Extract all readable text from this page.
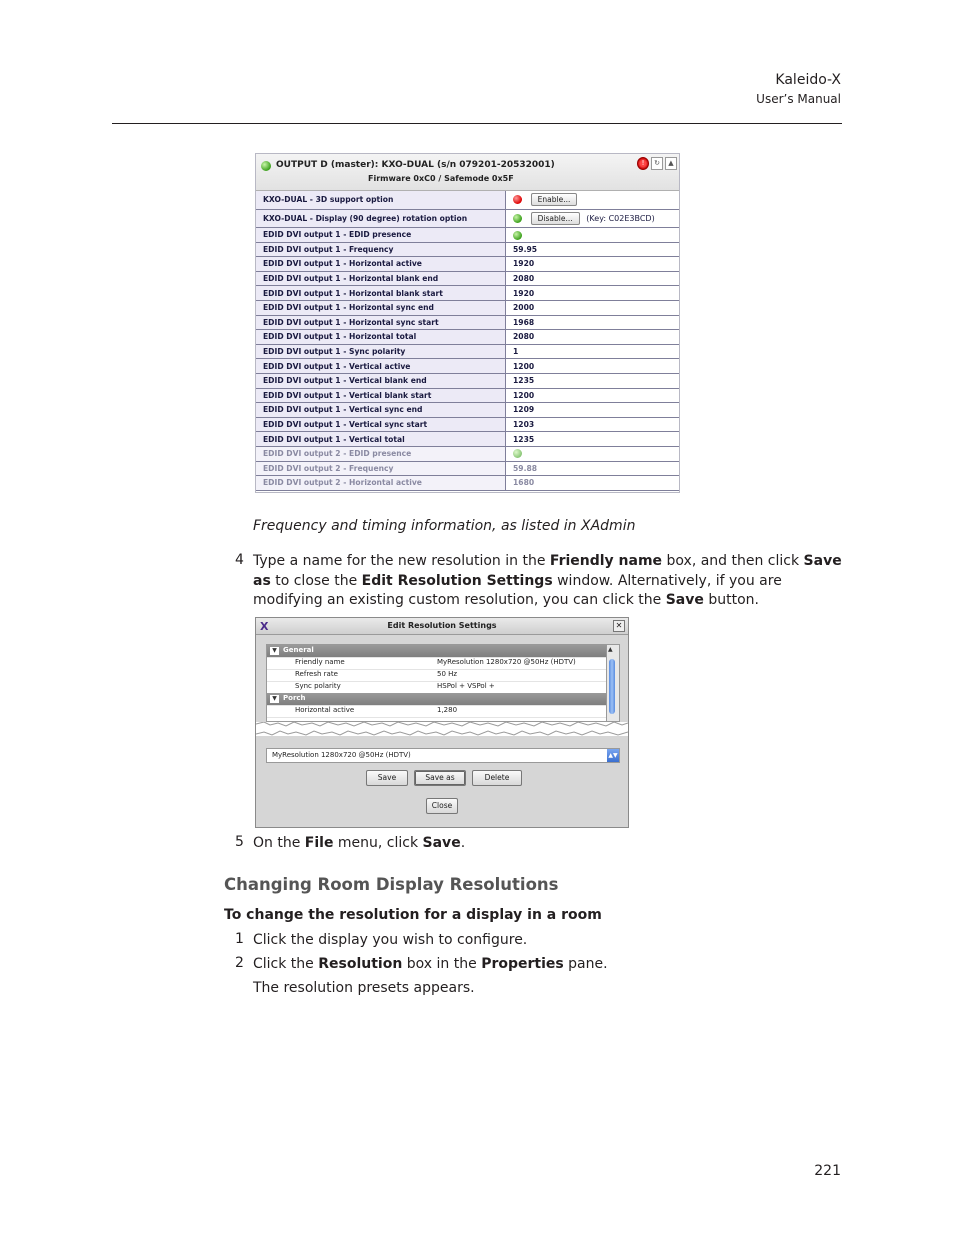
Kaleido-X
User’s Manual
OUTPUT D (master): KXO-DUAL (s/n 079201-20532001)
Firmware 0xC0 / Safemode 0x5F
!	↻	▲
KXO-DUAL - 3D support option	Enable...
KXO-DUAL - Display (90 degree) rotation option	Disable... (Key: C02E3BCD)
EDID DVI output 1 - EDID presence	
EDID DVI output 1 - Frequency	59.95
EDID DVI output 1 - Horizontal active	1920
EDID DVI output 1 - Horizontal blank end	2080
EDID DVI output 1 - Horizontal blank start	1920
EDID DVI output 1 - Horizontal sync end	2000
EDID DVI output 1 - Horizontal sync start	1968
EDID DVI output 1 - Horizontal total	2080
EDID DVI output 1 - Sync polarity	1
EDID DVI output 1 - Vertical active	1200
EDID DVI output 1 - Vertical blank end	1235
EDID DVI output 1 - Vertical blank start	1200
EDID DVI output 1 - Vertical sync end	1209
EDID DVI output 1 - Vertical sync start	1203
EDID DVI output 1 - Vertical total	1235
EDID DVI output 2 - EDID presence	
EDID DVI output 2 - Frequency	59.88
EDID DVI output 2 - Horizontal active	1680
Frequency and timing information, as listed in XAdmin
4 Type a name for the new resolution in the Friendly name box, and then click Save as to close the Edit Resolution Settings window. Alternatively, if you are modifying an existing custom resolution, you can click the Save button.
X	Edit Resolution Settings	✕
▼ General
Friendly name	MyResolution 1280x720 @50Hz (HDTV)
Refresh rate	50 Hz
Sync polarity	HSPol + VSPol +
▼ Porch
Horizontal active	1,280
▲
MyResolution 1280x720 @50Hz (HDTV)	▲▼
Save	Save as	Delete
Close
5 On the File menu, click Save.
Changing Room Display Resolutions
To change the resolution for a display in a room
1 Click the display you wish to configure.
2 Click the Resolution box in the Properties pane.
The resolution presets appears.
221
